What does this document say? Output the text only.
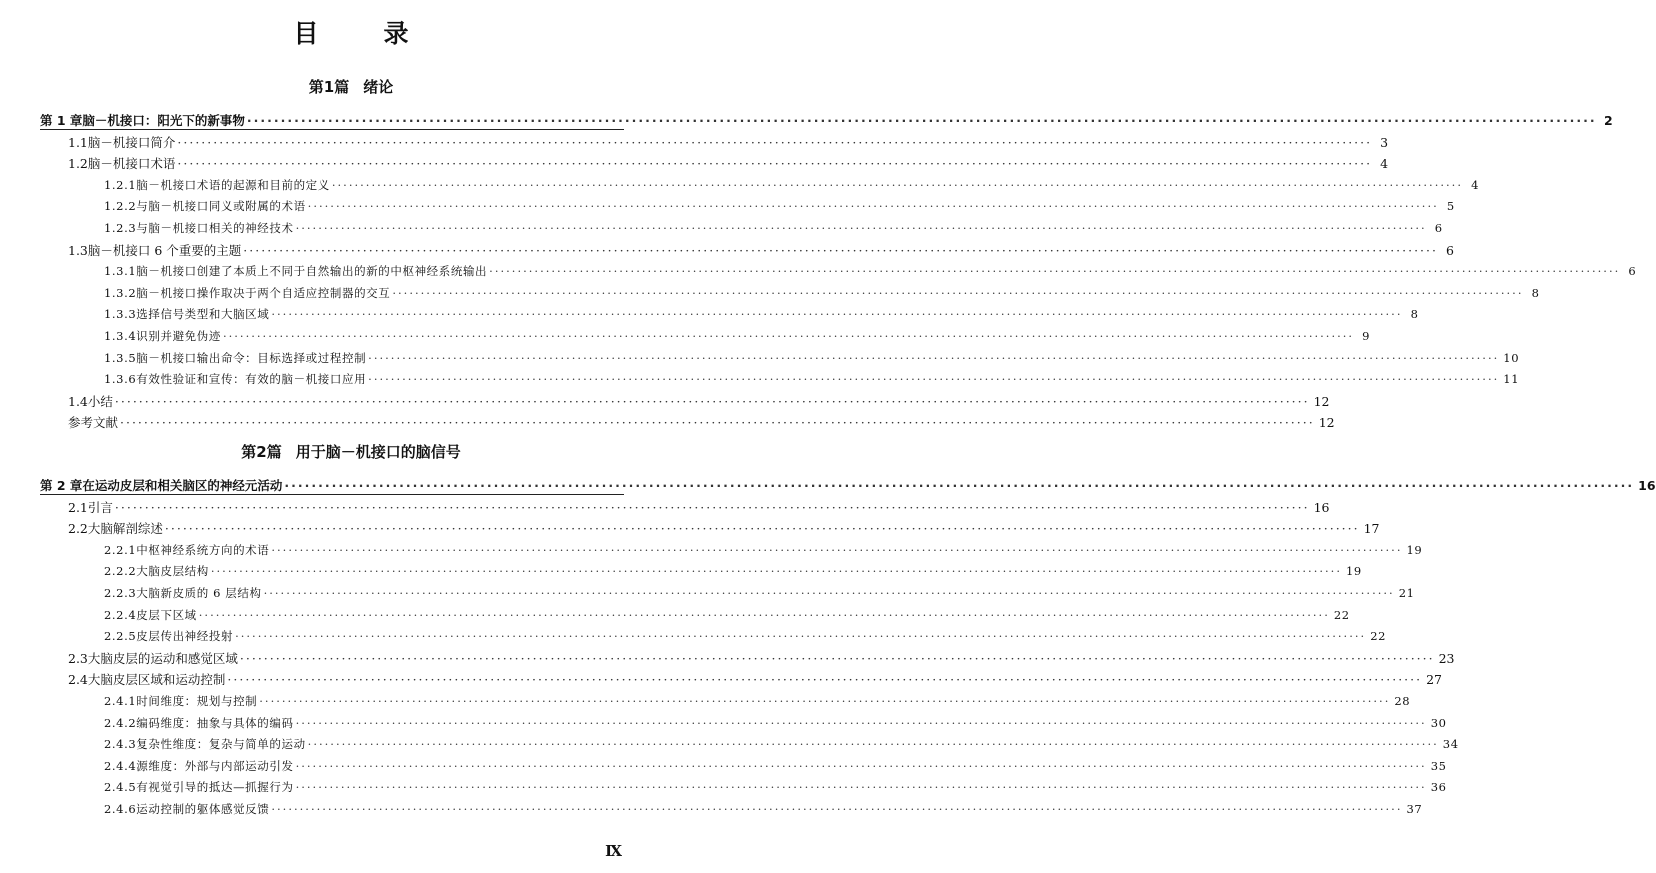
目　录
第1篇 绪论
第 1 章 脑－机接口：阳光下的新事物 ········································································································································································································ 2
1.1 脑－机接口简介 ········································································································································································································ 3
1.2 脑－机接口术语 ········································································································································································································ 4
1.2.1 脑－机接口术语的起源和目前的定义 ········································································································································································································ 4
1.2.2 与脑－机接口同义或附属的术语 ········································································································································································································ 5
1.2.3 与脑－机接口相关的神经技术 ········································································································································································································ 6
1.3 脑－机接口 6 个重要的主题 ········································································································································································································ 6
1.3.1 脑－机接口创建了本质上不同于自然输出的新的中枢神经系统输出 ········································································································································································································ 6
1.3.2 脑－机接口操作取决于两个自适应控制器的交互 ········································································································································································································ 8
1.3.3 选择信号类型和大脑区域 ········································································································································································································ 8
1.3.4 识别并避免伪迹 ········································································································································································································ 9
1.3.5 脑－机接口输出命令：目标选择或过程控制 ········································································································································································································ 10
1.3.6 有效性验证和宣传：有效的脑－机接口应用 ········································································································································································································ 11
1.4 小结 ········································································································································································································ 12
参考文献 ········································································································································································································ 12
第2篇 用于脑－机接口的脑信号
第 2 章 在运动皮层和相关脑区的神经元活动 ········································································································································································································ 16
2.1 引言 ········································································································································································································ 16
2.2 大脑解剖综述 ········································································································································································································ 17
2.2.1 中枢神经系统方向的术语 ········································································································································································································ 19
2.2.2 大脑皮层结构 ········································································································································································································ 19
2.2.3 大脑新皮质的 6 层结构 ········································································································································································································ 21
2.2.4 皮层下区域 ········································································································································································································ 22
2.2.5 皮层传出神经投射 ········································································································································································································ 22
2.3 大脑皮层的运动和感觉区域 ········································································································································································································ 23
2.4 大脑皮层区域和运动控制 ········································································································································································································ 27
2.4.1 时间维度：规划与控制 ········································································································································································································ 28
2.4.2 编码维度：抽象与具体的编码 ········································································································································································································ 30
2.4.3 复杂性维度：复杂与简单的运动 ········································································································································································································ 34
2.4.4 源维度：外部与内部运动引发 ········································································································································································································ 35
2.4.5 有视觉引导的抵达—抓握行为 ········································································································································································································ 36
2.4.6 运动控制的躯体感觉反馈 ········································································································································································································ 37
Ⅸ
